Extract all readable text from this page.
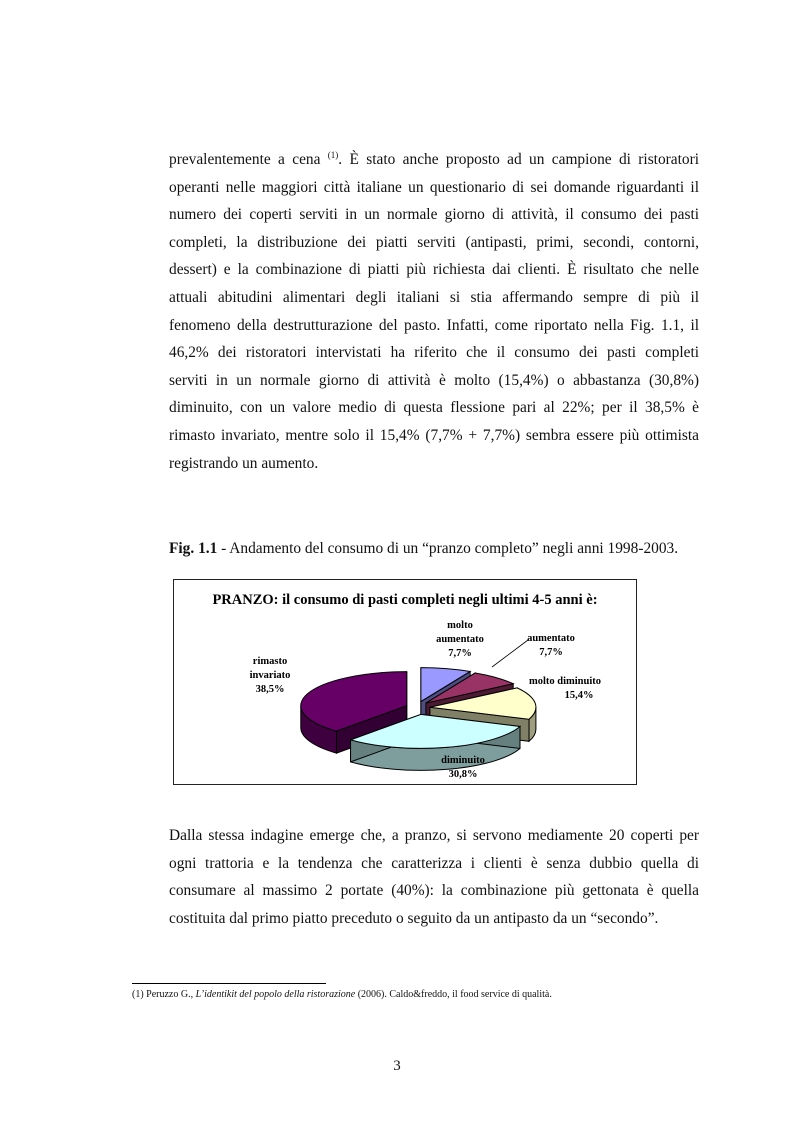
prevalentemente a cena $^{(1)}$. È stato anche proposto ad un campione di ristoratori
operanti nelle maggiori città italiane un questionario di sei domande riguardanti il
numero dei coperti serviti in un normale giorno di attività, il consumo dei pasti
completi, la distribuzione dei piatti serviti (antipasti, primi, secondi, contorni,
dessert) e la combinazione di piatti più richiesta dai clienti. È risultato che nelle
attuali abitudini alimentari degli italiani si stia affermando sempre di più il
fenomeno della destrutturazione del pasto. Infatti, come riportato nella Fig. 1.1, il
46,2% dei ristoratori intervistati ha riferito che il consumo dei pasti completi
serviti in un normale giorno di attività è molto (15,4%) o abbastanza (30,8%)
diminuito, con un valore medio di questa flessione pari al 22%; per il 38,5% è
rimasto invariato, mentre solo il 15,4% (7,7% + 7,7%) sembra essere più ottimista
registrando un aumento.
Fig. 1.1 - Andamento del consumo di un “pranzo completo” negli anni 1998-2003.
PRANZO: il consumo di pasti completi negli ultimi 4-5 anni è:
molto
aumentato
7,7%
aumentato
7,7%
molto diminuito
15,4%
diminuito
30,8%
rimasto
invariato
38,5%
Dalla stessa indagine emerge che, a pranzo, si servono mediamente 20 coperti per
ogni trattoria e la tendenza che caratterizza i clienti è senza dubbio quella di
consumare al massimo 2 portate (40%): la combinazione più gettonata è quella
costituita dal primo piatto preceduto o seguito da un antipasto da un “secondo”.
(1) Peruzzo G., L’identikit del popolo della ristorazione (2006). Caldo&freddo, il food service di qualità.
3
